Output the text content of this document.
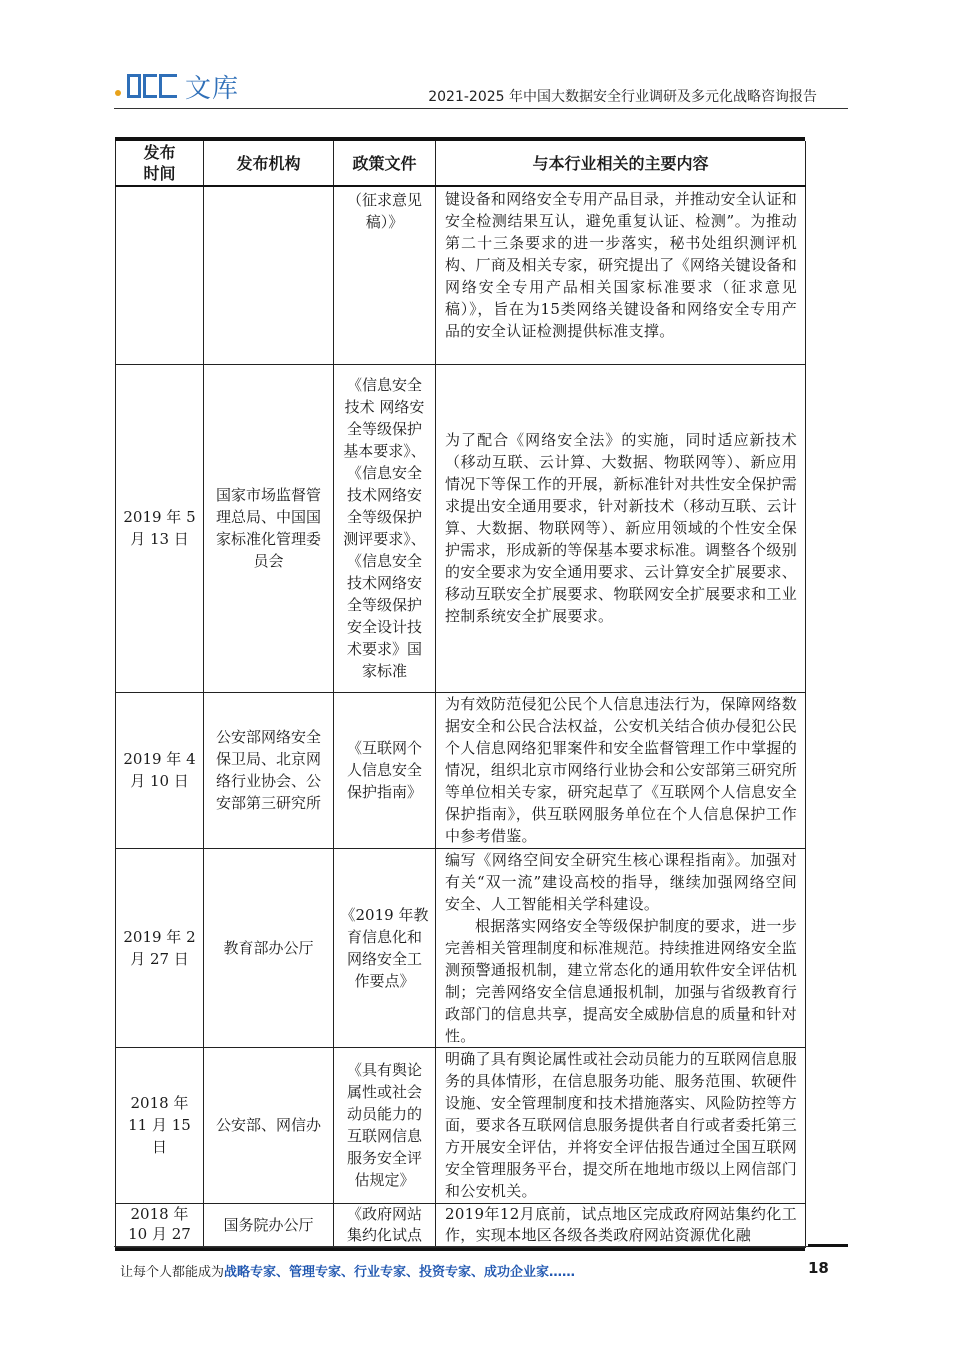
文库	2021-2025 年中国大数据安全行业调研及多元化战略咨询报告
发布时间	发布机构	政策文件	与本行业相关的主要内容
		（征求意见稿）》	键设备和网络安全专用产品目录，并推动安全认证和安全检测结果互认，避免重复认证、检测”。为推动第二十三条要求的进一步落实，秘书处组织测评机构、厂商及相关专家，研究提出了《网络关键设备和网络安全专用产品相关国家标准要求（征求意见稿）》，旨在为15类网络关键设备和网络安全专用产品的安全认证检测提供标准支撑。
2019 年 5 月 13 日	国家市场监督管理总局、中国国家标准化管理委员会	《信息安全技术 网络安全等级保护基本要求》、《信息安全技术网络安全等级保护测评要求》、《信息安全技术网络安全等级保护安全设计技术要求》国家标准	为了配合《网络安全法》的实施，同时适应新技术（移动互联、云计算、大数据、物联网等）、新应用情况下等保工作的开展，新标准针对共性安全保护需求提出安全通用要求，针对新技术（移动互联、云计算、大数据、物联网等）、新应用领域的个性安全保护需求，形成新的等保基本要求标准。调整各个级别的安全要求为安全通用要求、云计算安全扩展要求、移动互联安全扩展要求、物联网安全扩展要求和工业控制系统安全扩展要求。
2019 年 4 月 10 日	公安部网络安全保卫局、北京网络行业协会、公安部第三研究所	《互联网个人信息安全保护指南》	为有效防范侵犯公民个人信息违法行为，保障网络数据安全和公民合法权益，公安机关结合侦办侵犯公民个人信息网络犯罪案件和安全监督管理工作中掌握的情况，组织北京市网络行业协会和公安部第三研究所等单位相关专家，研究起草了《互联网个人信息安全保护指南》，供互联网服务单位在个人信息保护工作中参考借鉴。
2019 年 2 月 27 日	教育部办公厅	《2019 年教育信息化和网络安全工作要点》	编写《网络空间安全研究生核心课程指南》。加强对有关“双一流”建设高校的指导，继续加强网络空间安全、人工智能相关学科建设。
根据落实网络安全等级保护制度的要求，进一步完善相关管理制度和标准规范。持续推进网络安全监测预警通报机制，建立常态化的通用软件安全评估机制；完善网络安全信息通报机制，加强与省级教育行政部门的信息共享，提高安全威胁信息的质量和针对性。

2018 年 11 月 15 日	公安部、网信办	《具有舆论属性或社会动员能力的互联网信息服务安全评估规定》	明确了具有舆论属性或社会动员能力的互联网信息服务的具体情形，在信息服务功能、服务范围、软硬件设施、安全管理制度和技术措施落实、风险防控等方面，要求各互联网信息服务提供者自行或者委托第三方开展安全评估，并将安全评估报告通过全国互联网安全管理服务平台，提交所在地地市级以上网信部门和公安机关。
2018 年 10 月 27	国务院办公厅	《政府网站集约化试点	2019年12月底前，试点地区完成政府网站集约化工作，实现本地区各级各类政府网站资源优化融
让每个人都能成为战略专家、管理专家、行业专家、投资专家、成功企业家……	18
